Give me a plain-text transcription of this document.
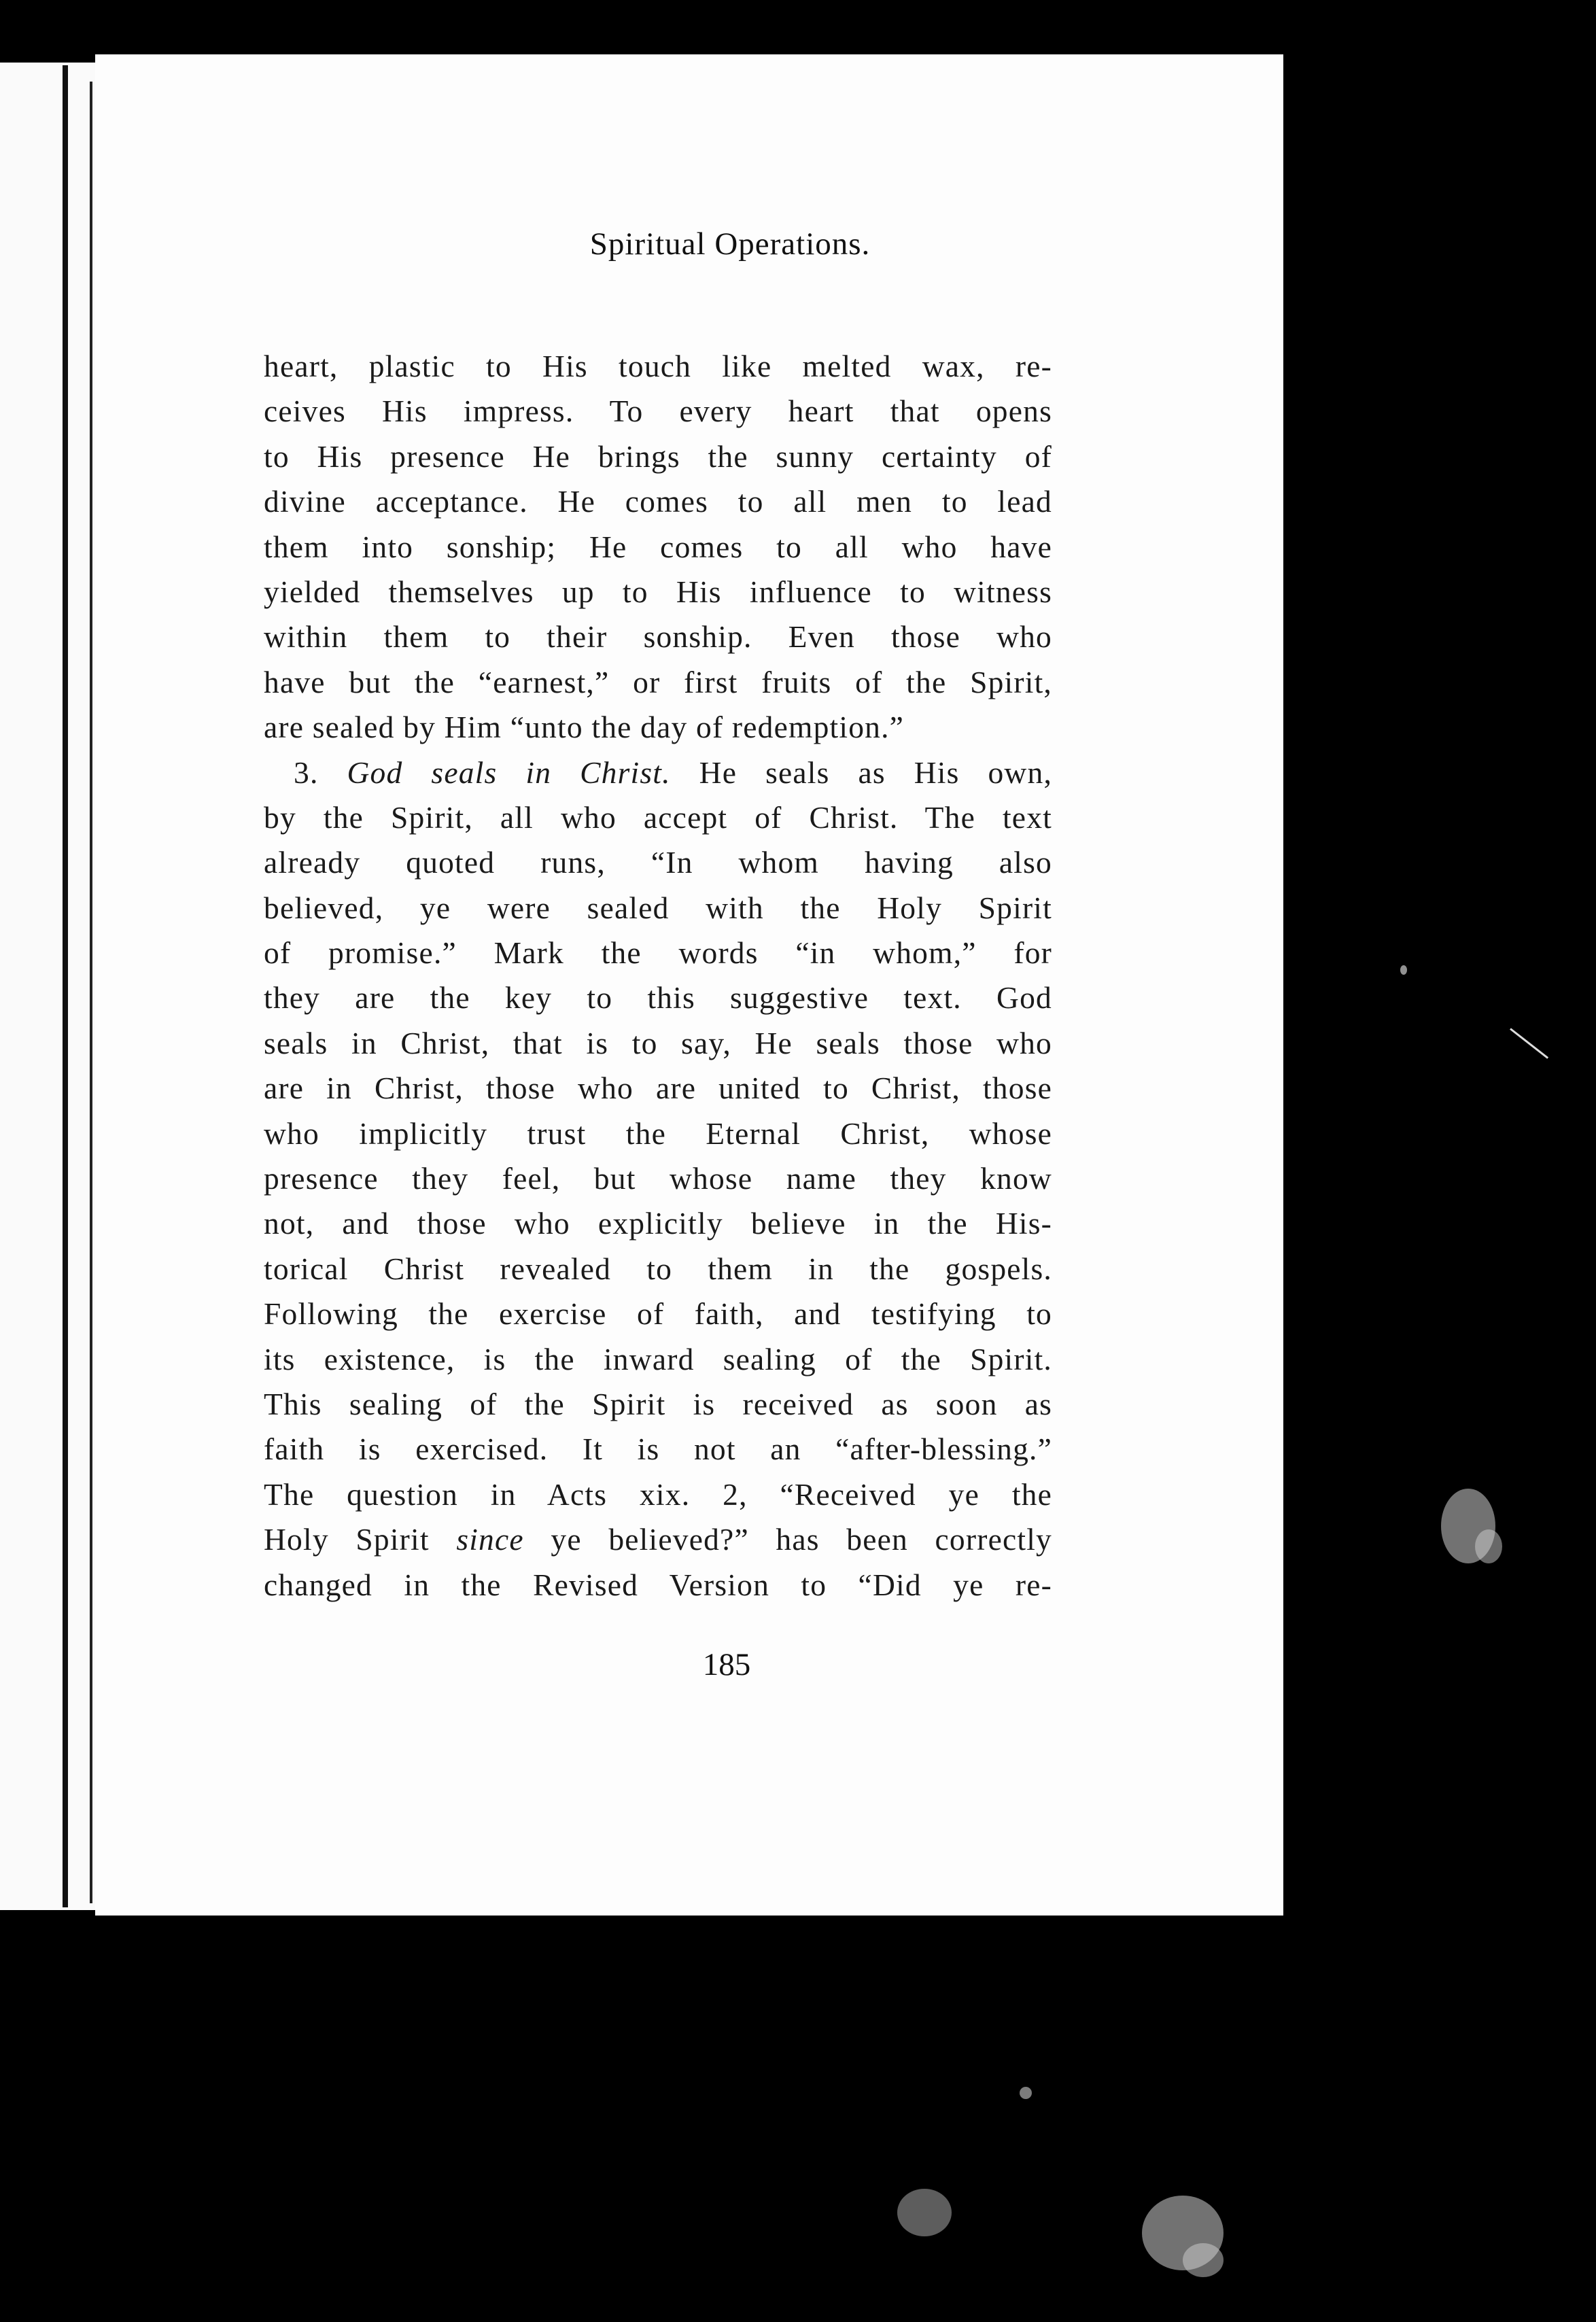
Spiritual Operations.
heart, plastic to His touch like melted wax, re-
ceives His impress. To every heart that opens
to His presence He brings the sunny certainty of
divine acceptance. He comes to all men to lead
them into sonship; He comes to all who have
yielded themselves up to His influence to witness
within them to their sonship. Even those who
have but the “earnest,” or first fruits of the Spirit,
are sealed by Him “unto the day of redemption.”
3. God seals in Christ. He seals as His own,
by the Spirit, all who accept of Christ. The text
already quoted runs, “In whom having also
believed, ye were sealed with the Holy Spirit
of promise.” Mark the words “in whom,” for
they are the key to this suggestive text. God
seals in Christ, that is to say, He seals those who
are in Christ, those who are united to Christ, those
who implicitly trust the Eternal Christ, whose
presence they feel, but whose name they know
not, and those who explicitly believe in the His-
torical Christ revealed to them in the gospels.
Following the exercise of faith, and testifying to
its existence, is the inward sealing of the Spirit.
This sealing of the Spirit is received as soon as
faith is exercised. It is not an “after-blessing.”
The question in Acts xix. 2, “Received ye the
Holy Spirit since ye believed?” has been correctly
changed in the Revised Version to “Did ye re-
185
